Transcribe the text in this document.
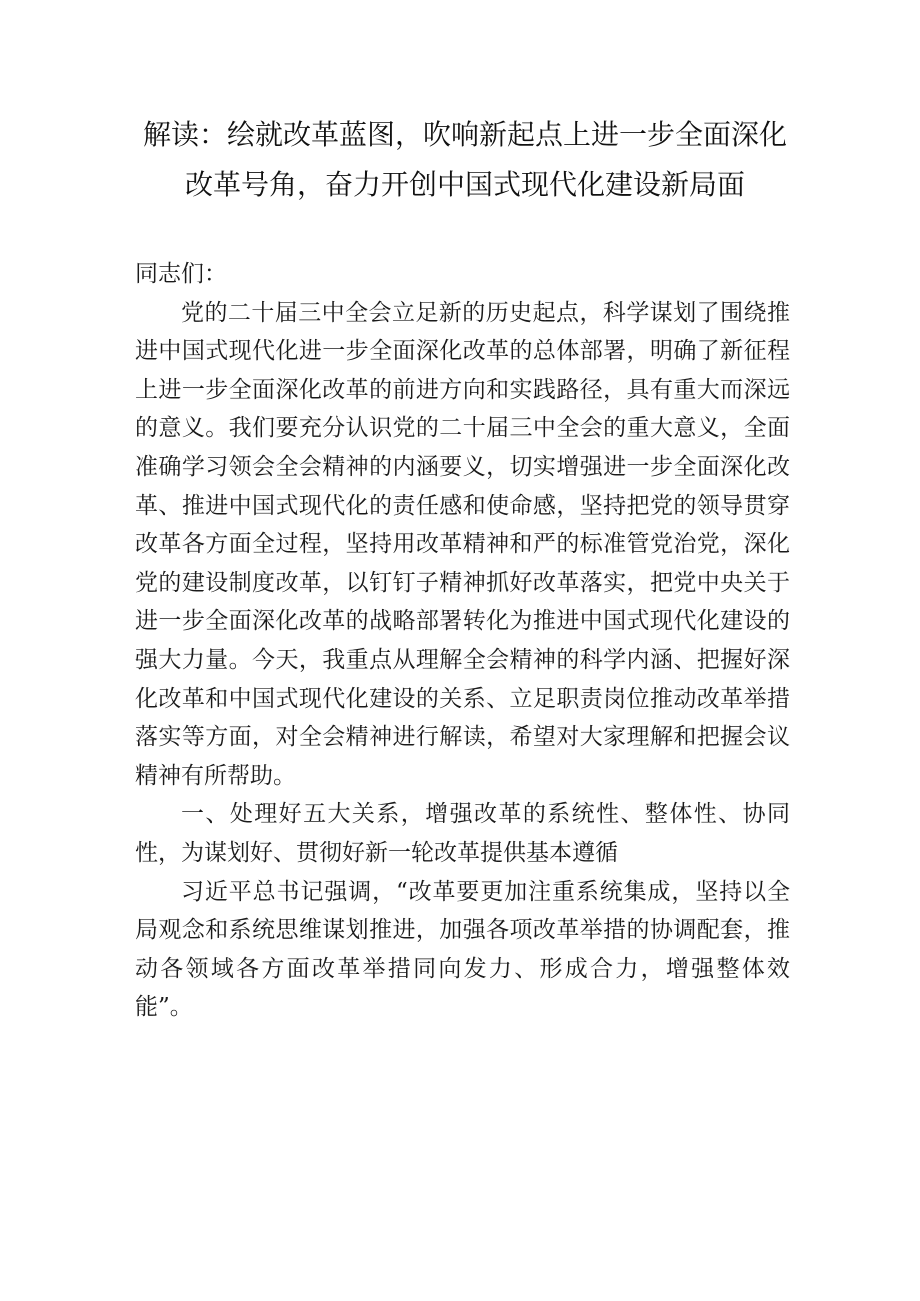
解读：绘就改革蓝图，吹响新起点上进一步全面深化
改革号角，奋力开创中国式现代化建设新局面

同志们：

党的二十届三中全会立足新的历史起点，科学谋划了围绕推进中国式现代化进一步全面深化改革的总体部署，明确了新征程上进一步全面深化改革的前进方向和实践路径，具有重大而深远的意义。我们要充分认识党的二十届三中全会的重大意义，全面准确学习领会全会精神的内涵要义，切实增强进一步全面深化改革、推进中国式现代化的责任感和使命感，坚持把党的领导贯穿改革各方面全过程，坚持用改革精神和严的标准管党治党，深化党的建设制度改革，以钉钉子精神抓好改革落实，把党中央关于进一步全面深化改革的战略部署转化为推进中国式现代化建设的强大力量。今天，我重点从理解全会精神的科学内涵、把握好深化改革和中国式现代化建设的关系、立足职责岗位推动改革举措落实等方面，对全会精神进行解读，希望对大家理解和把握会议精神有所帮助。

一、处理好五大关系，增强改革的系统性、整体性、协同性，为谋划好、贯彻好新一轮改革提供基本遵循

习近平总书记强调，“改革要更加注重系统集成，坚持以全局观念和系统思维谋划推进，加强各项改革举措的协调配套，推动各领域各方面改革举措同向发力、形成合力，增强整体效能”。
